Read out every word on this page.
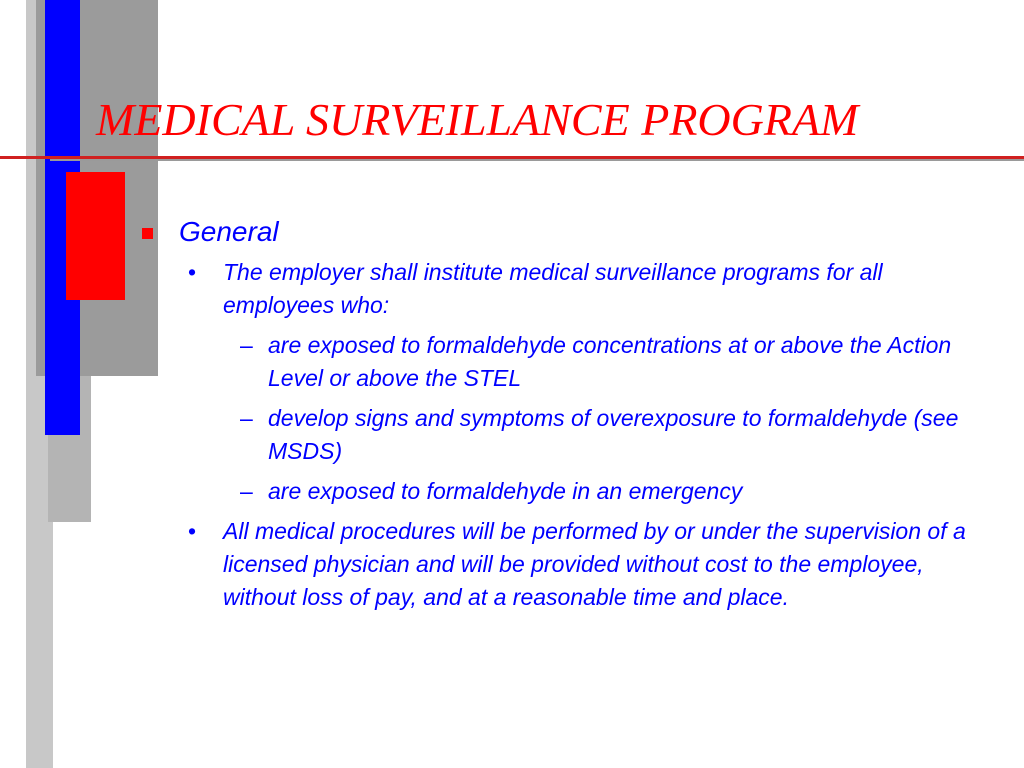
MEDICAL SURVEILLANCE PROGRAM
General
• The employer shall institute medical surveillance programs for all employees who:
– are exposed to formaldehyde concentrations at or above the Action Level or above the STEL
– develop signs and symptoms of overexposure to formaldehyde (see MSDS)
– are exposed to formaldehyde in an emergency
• All medical procedures will be performed by or under the supervision of a licensed physician and will be provided without cost to the employee, without loss of pay, and at a reasonable time and place.
